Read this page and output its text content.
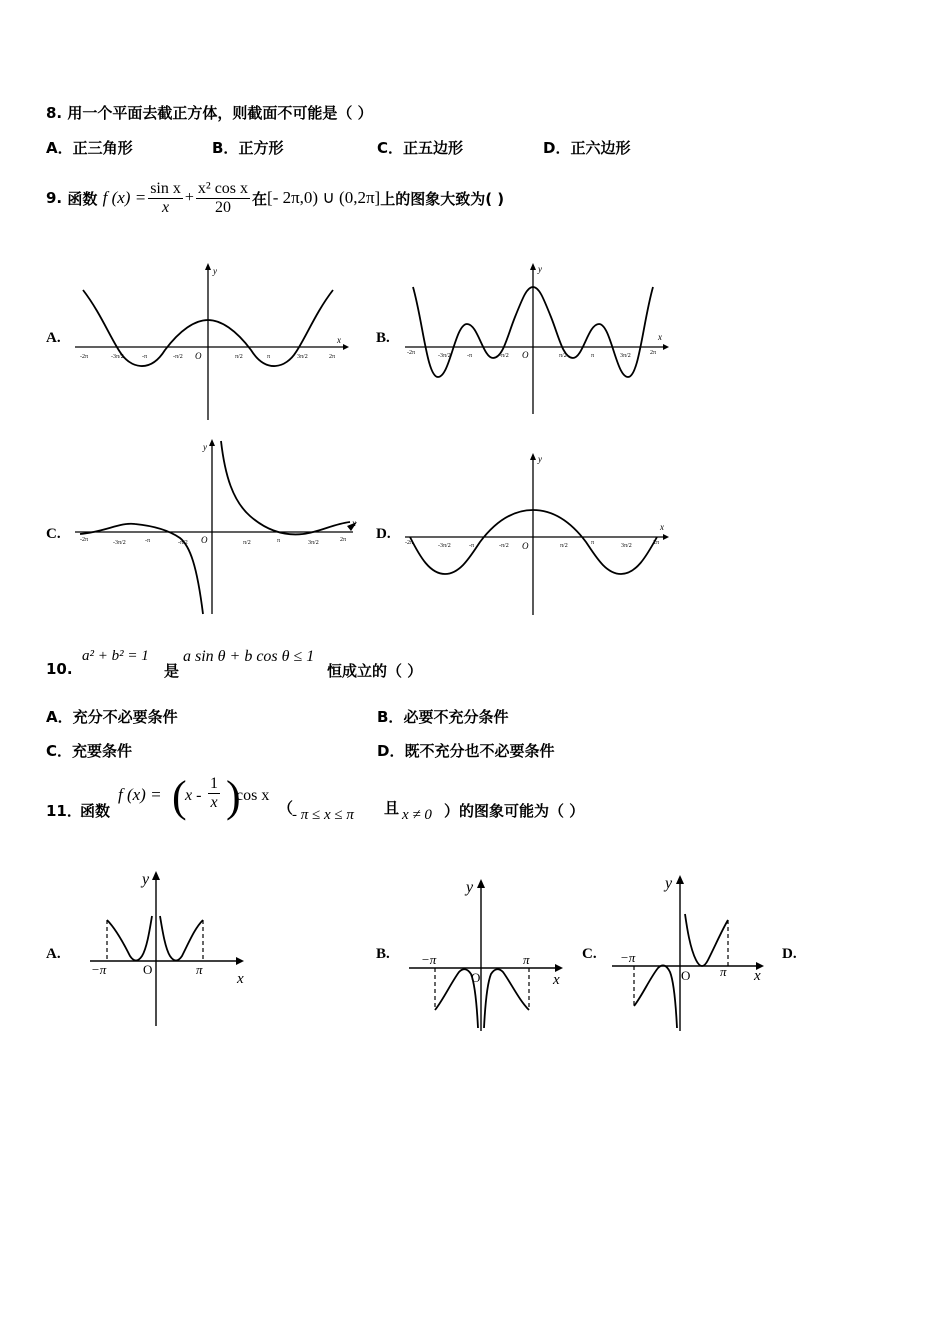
8. 用一个平面去截正方体，则截面不可能是（ ）
A．正三角形	B．正方形	C．正五边形	D．正六边形
9.
函数
f $(x) = \frac{\text{sin x}}{x} + \frac{\text{x² cos x}}{20}$ 在 [- 2π,0) ∪ (0,2π] 上的图象大致为( )
A.	B.
C.	D.
x
y
O
-2π	-3π/2	-π	-π/2	π/2	π	3π/2	2π
x
y
O
-2π	-3π/2	-π	-π/2	π/2	π	3π/2	2π
x
y
O
-2π	-3π/2	-π	-π/2	π/2	π	3π/2	2π
x
y
O
-2π	-3π/2	-π	-π/2	π/2	π	3π/2	2π
10.
a² + b² = 1
是
a sin θ + b cos θ ≤ 1
恒成立的（ ）
A．充分不必要条件	B．必要不充分条件
C．充要条件	D．既不充分也不必要条件
11．
函数
f (x) = (
x - $\frac{1}{x}$ )
cos x
（
- π ≤ x ≤ π 且 x ≠ 0 ）的图象可能为（ ）
A.	B.	C.	D.
y
x
O
−π	π
y
x
O
−π	π
y
x
O
−π
π
